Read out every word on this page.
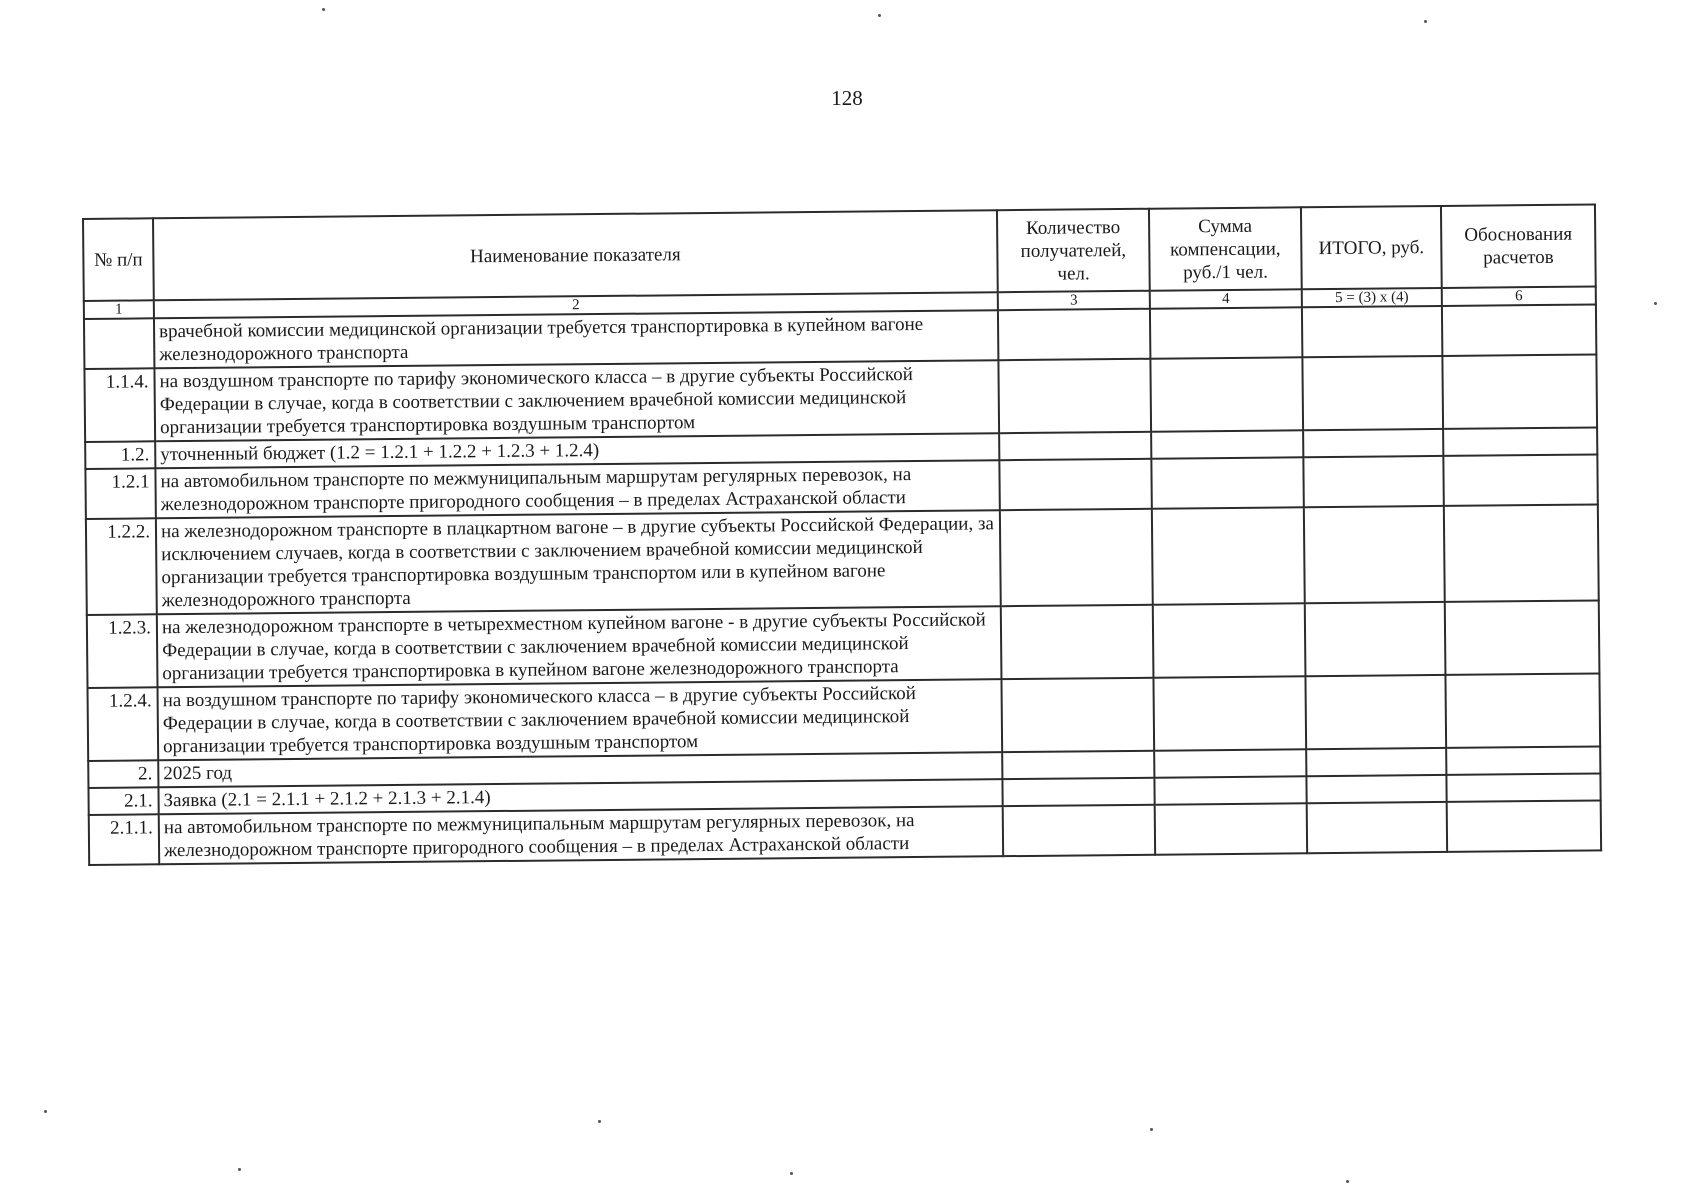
128
№ п/п	Наименование показателя	Количество получателей, чел.	Сумма компенсации, руб./1 чел.	ИТОГО, руб.	Обоснования расчетов
1	2	3	4	5 = (3) x (4)	6
	врачебной комиссии медицинской организации требуется транспортировка в купейном вагоне железнодорожного транспорта				
1.1.4.	на воздушном транспорте по тарифу экономического класса – в другие субъекты Российской Федерации в случае, когда в соответствии с заключением врачебной комиссии медицинской организации требуется транспортировка воздушным транспортом				
1.2.	уточненный бюджет (1.2 = 1.2.1 + 1.2.2 + 1.2.3 + 1.2.4)				
1.2.1	на автомобильном транспорте по межмуниципальным маршрутам регулярных перевозок, на железнодорожном транспорте пригородного сообщения – в пределах Астраханской области				
1.2.2.	на железнодорожном транспорте в плацкартном вагоне – в другие субъекты Российской Федерации, за исключением случаев, когда в соответствии с заключением врачебной комиссии медицинской организации требуется транспортировка воздушным транспортом или в купейном вагоне железнодорожного транспорта				
1.2.3.	на железнодорожном транспорте в четырехместном купейном вагоне - в другие субъекты Российской Федерации в случае, когда в соответствии с заключением врачебной комиссии медицинской организации требуется транспортировка в купейном вагоне железнодорожного транспорта				
1.2.4.	на воздушном транспорте по тарифу экономического класса – в другие субъекты Российской Федерации в случае, когда в соответствии с заключением врачебной комиссии медицинской организации требуется транспортировка воздушным транспортом				
2.	2025 год				
2.1.	Заявка (2.1 = 2.1.1 + 2.1.2 + 2.1.3 + 2.1.4)				
2.1.1.	на автомобильном транспорте по межмуниципальным маршрутам регулярных перевозок, на железнодорожном транспорте пригородного сообщения – в пределах Астраханской области				
